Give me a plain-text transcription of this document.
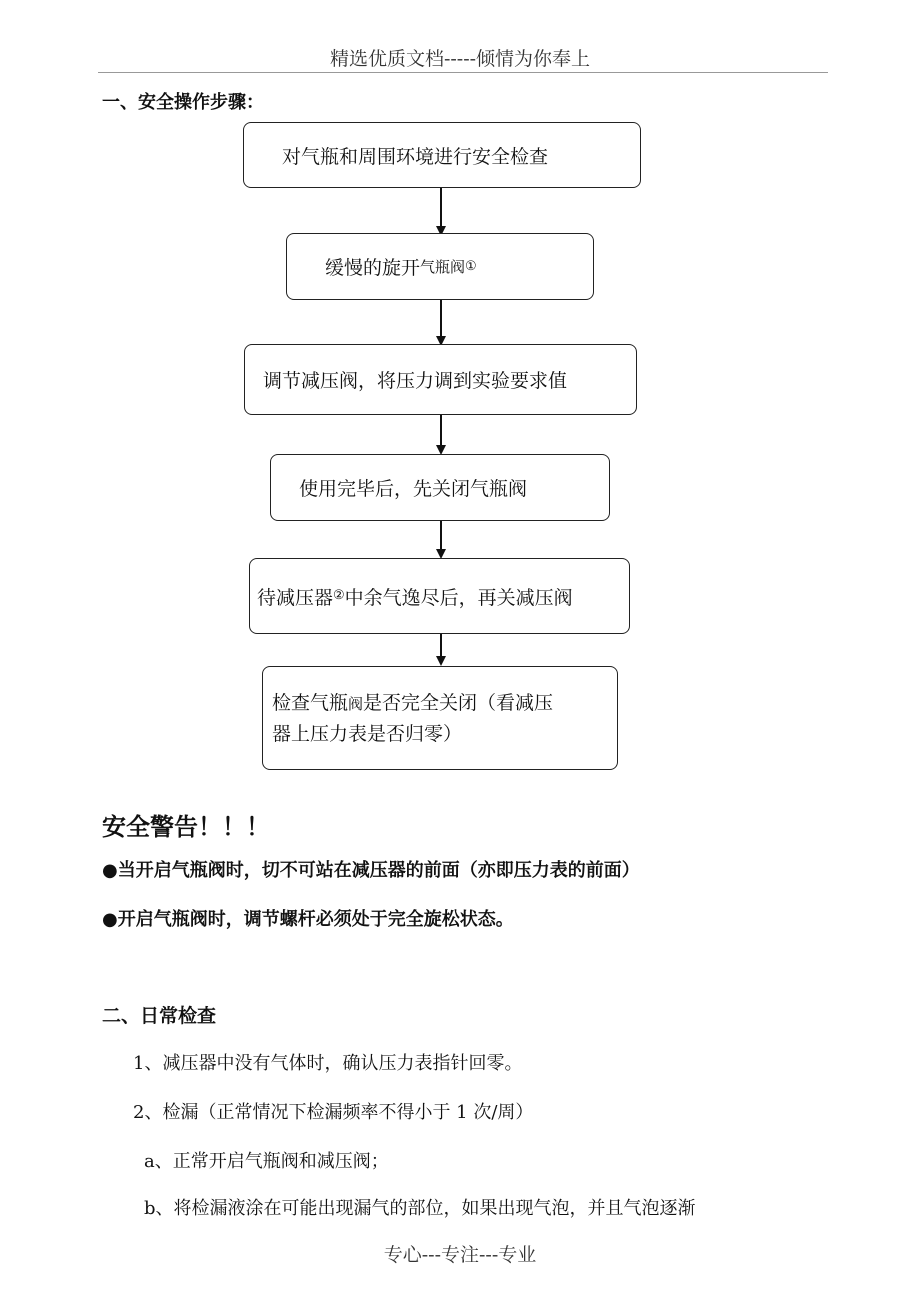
精选优质文档-----倾情为你奉上
一、安全操作步骤：
对气瓶和周围环境进行安全检查
缓慢的旋开 气瓶阀 ①
调节减压阀，将压力调到实验要求值
使用完毕后，先关闭气瓶阀
待减压器 ② 中余气逸尽后，再关减压阀
检查气瓶阀是否完全关闭（看减压
器上压力表是否归零）
安全警告！！！
●当开启气瓶阀时，切不可站在减压器的前面（亦即压力表的前面）
●开启气瓶阀时，调节螺杆必须处于完全旋松状态。
二、日常检查
1、减压器中没有气体时，确认压力表指针回零。
2、检漏（正常情况下检漏频率不得小于 1 次/周）
a、正常开启气瓶阀和减压阀；
b、将检漏液涂在可能出现漏气的部位，如果出现气泡，并且气泡逐渐
专心---专注---专业
